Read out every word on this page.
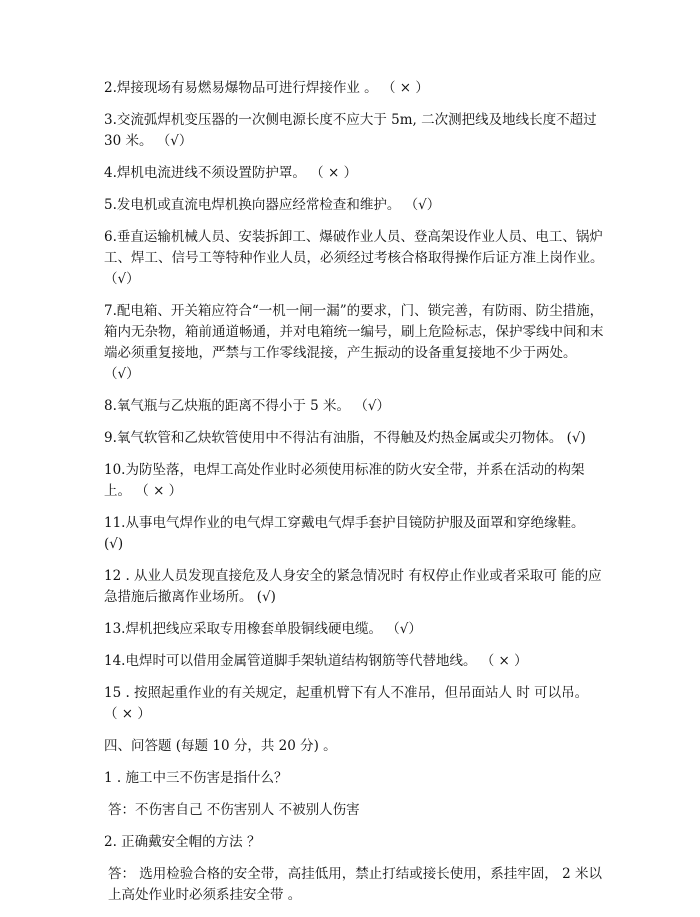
2.焊接现场有易燃易爆物品可进行焊接作业 。 （ × ）

3.交流弧焊机变压器的一次侧电源长度不应大于 5m, 二次测把线及地线长度不超过30 米。 （√）

4.焊机电流进线不须设置防护罩。 （ × ）

5.发电机或直流电焊机换向器应经常检查和维护。 （√）

6.垂直运输机械人员、安装拆卸工、爆破作业人员、登高架设作业人员、电工、锅炉工、焊工、信号工等特种作业人员，必须经过考核合格取得操作后证方准上岗作业。 （√）

7.配电箱、开关箱应符合“一机一闸一漏”的要求，门、锁完善，有防雨、防尘措施，箱内无杂物，箱前通道畅通，并对电箱统一编号，刷上危险标志，保护零线中间和末端必须重复接地，严禁与工作零线混接，产生振动的设备重复接地不少于两处。 （√）

8.氧气瓶与乙炔瓶的距离不得小于 5 米。 （√）

9.氧气软管和乙炔软管使用中不得沾有油脂，不得触及灼热金属或尖刃物体。 (√)

10.为防坠落，电焊工高处作业时必须使用标准的防火安全带，并系在活动的构架上。 （ × ）

11.从事电气焊作业的电气焊工穿戴电气焊手套护目镜防护服及面罩和穿绝缘鞋。 (√)

12 . 从业人员发现直接危及人身安全的紧急情况时 有权停止作业或者采取可 能的应急措施后撤离作业场所。 (√)

13.焊机把线应采取专用橡套单股铜线硬电缆。 （√）

14.电焊时可以借用金属管道脚手架轨道结构钢筋等代替地线。 （ × ）

15 . 按照起重作业的有关规定，起重机臂下有人不准吊，但吊面站人 时 可以吊。 （ × ）

四、问答题 (每题 10 分，共 20 分) 。

1 . 施工中三不伤害是指什么？

答：不伤害自己 不伤害别人 不被别人伤害

2. 正确戴安全帽的方法 ？

答： 选用检验合格的安全带，高挂低用，禁止打结或接长使用，系挂牢固， 2 米以上高处作业时必须系挂安全带 。
